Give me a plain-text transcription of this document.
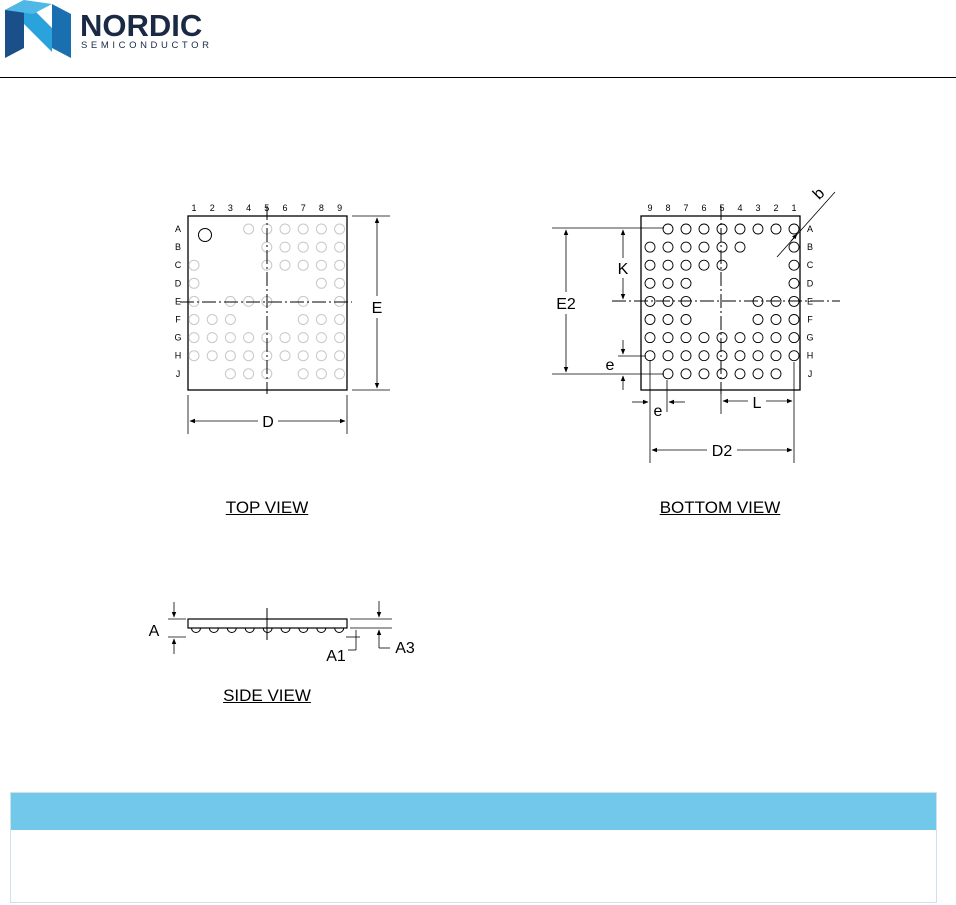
NORDIC
SEMICONDUCTOR
1 2 3 4 5 6 7 8 9
A
B
C
D
E
F
G
H
J
E
D
9 8 7 6 5 4 3 2 1
A
B
C
D
E
F
G
H
J
b
E2
K
e
e	L
D2
A
A1	A3
TOP VIEW	BOTTOM VIEW
SIDE VIEW
